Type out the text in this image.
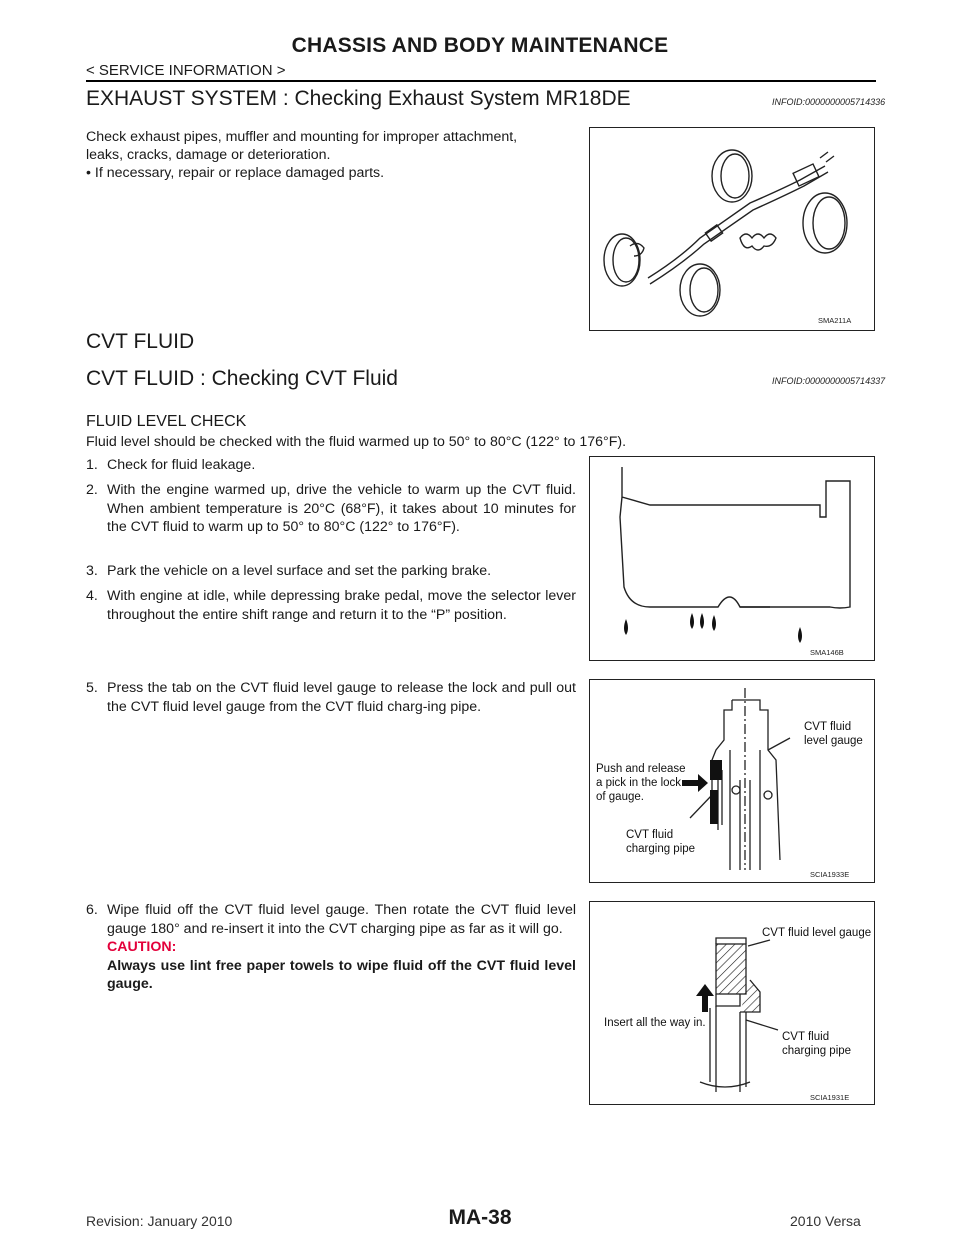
CHASSIS AND BODY MAINTENANCE
< SERVICE INFORMATION >
EXHAUST SYSTEM : Checking Exhaust System MR18DE	INFOID:0000000005714336
Check exhaust pipes, muffler and mounting for improper attachment,
leaks, cracks, damage or deterioration.
• If necessary, repair or replace damaged parts.
SMA211A
CVT FLUID
CVT FLUID : Checking CVT Fluid	INFOID:0000000005714337
FLUID LEVEL CHECK
Fluid level should be checked with the fluid warmed up to 50° to 80°C (122° to 176°F).
1. Check for fluid leakage.
2. With the engine warmed up, drive the vehicle to warm up the CVT fluid. When ambient temperature is 20°C (68°F), it takes about 10 minutes for the CVT fluid to warm up to 50° to 80°C (122° to 176°F).
3. Park the vehicle on a level surface and set the parking brake.
4. With engine at idle, while depressing brake pedal, move the selector lever throughout the entire shift range and return it to the “P” position.
5. Press the tab on the CVT fluid level gauge to release the lock and pull out the CVT fluid level gauge from the CVT fluid charg-ing pipe.
6. Wipe fluid off the CVT fluid level gauge. Then rotate the CVT fluid level gauge 180° and re-insert it into the CVT charging pipe as far as it will go.
CAUTION:
Always use lint free paper towels to wipe fluid off the CVT fluid level gauge.
SMA146B
CVT fluid
level gauge
Push and release
a pick in the lock
of gauge.
CVT fluid
charging pipe
SCIA1933E
CVT fluid level gauge
Insert all the way in.
CVT fluid
charging pipe
SCIA1931E
MA-38
Revision: January 2010	2010 Versa
